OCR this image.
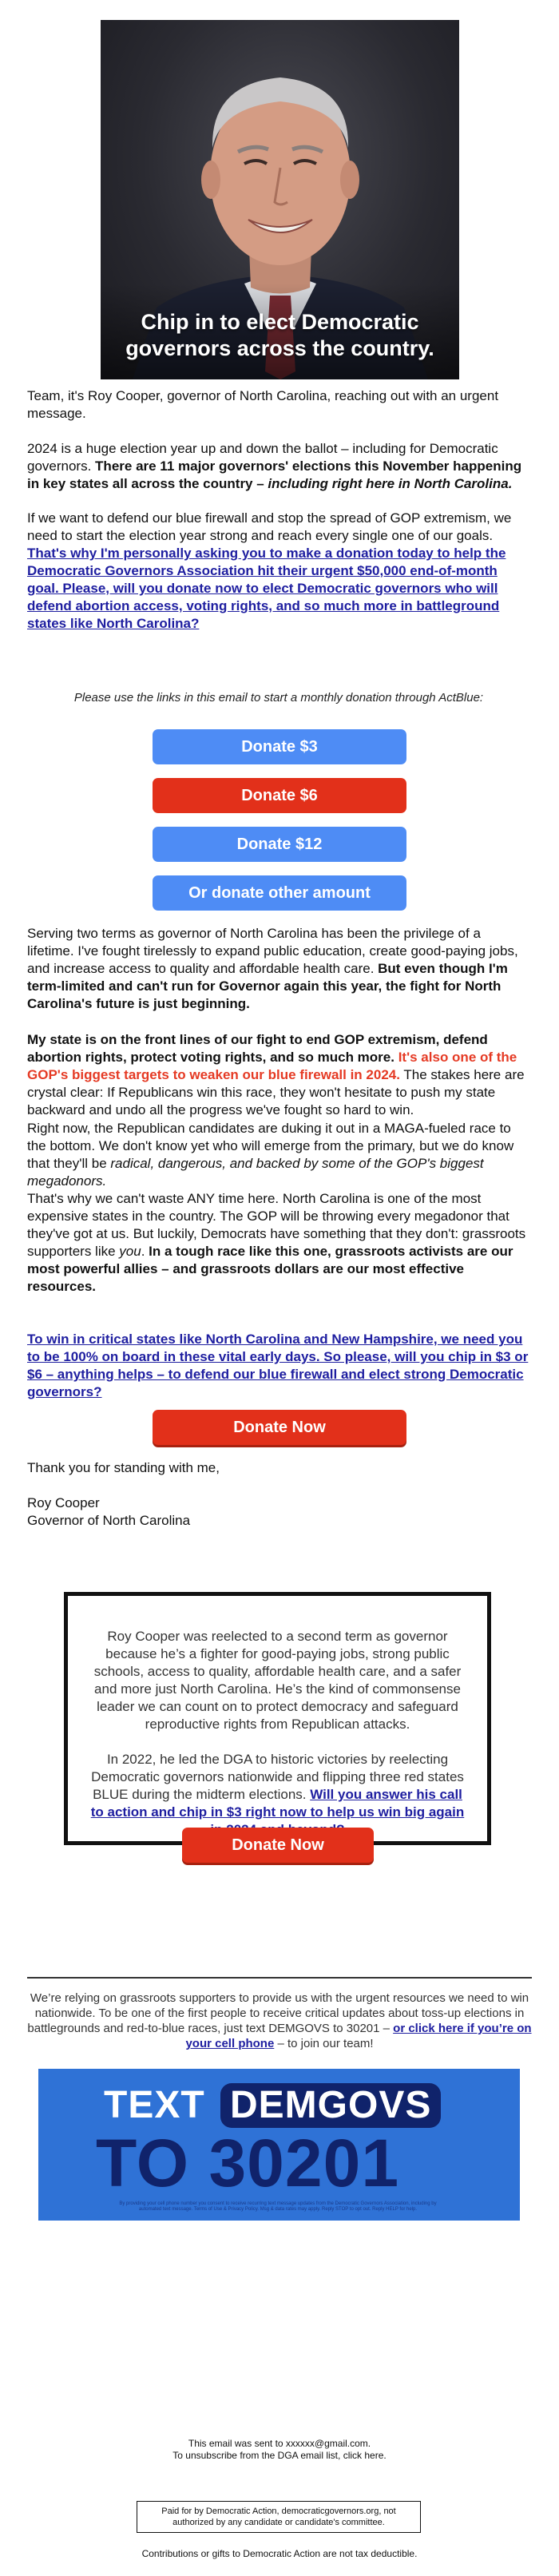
Chip in to elect Democratic
governors across the country.
Team, it's Roy Cooper, governor of North Carolina, reaching out with an urgent message.
2024 is a huge election year up and down the ballot – including for Democratic governors. There are 11 major governors' elections this November happening in key states all across the country – including right here in North Carolina.
If we want to defend our blue firewall and stop the spread of GOP extremism, we need to start the election year strong and reach every single one of our goals. That's why I'm personally asking you to make a donation today to help the Democratic Governors Association hit their urgent $50,000 end-of-month goal. Please, will you donate now to elect Democratic governors who will defend abortion access, voting rights, and so much more in battleground states like North Carolina?
Please use the links in this email to start a monthly donation through ActBlue:
Donate $3
Donate $6
Donate $12
Or donate other amount
Serving two terms as governor of North Carolina has been the privilege of a lifetime. I've fought tirelessly to expand public education, create good-paying jobs, and increase access to quality and affordable health care. But even though I'm term-limited and can't run for Governor again this year, the fight for North Carolina's future is just beginning.
My state is on the front lines of our fight to end GOP extremism, defend abortion rights, protect voting rights, and so much more. It's also one of the GOP's biggest targets to weaken our blue firewall in 2024. The stakes here are crystal clear: If Republicans win this race, they won't hesitate to push my state backward and undo all the progress we've fought so hard to win.
Right now, the Republican candidates are duking it out in a MAGA-fueled race to the bottom. We don't know yet who will emerge from the primary, but we do know that they'll be radical, dangerous, and backed by some of the GOP's biggest megadonors.
That's why we can't waste ANY time here. North Carolina is one of the most expensive states in the country. The GOP will be throwing every megadonor that they've got at us. But luckily, Democrats have something that they don't: grassroots supporters like you. In a tough race like this one, grassroots activists are our most powerful allies – and grassroots dollars are our most effective resources.
To win in critical states like North Carolina and New Hampshire, we need you to be 100% on board in these vital early days. So please, will you chip in $3 or $6 – anything helps – to defend our blue firewall and elect strong Democratic governors?
Donate Now
Thank you for standing with me,
Roy Cooper
Governor of North Carolina
Roy Cooper was reelected to a second term as governor because he’s a fighter for good-paying jobs, strong public schools, access to quality, affordable health care, and a safer and more just North Carolina. He’s the kind of commonsense leader we can count on to protect democracy and safeguard reproductive rights from Republican attacks.
In 2022, he led the DGA to historic victories by reelecting Democratic governors nationwide and flipping three red states BLUE during the midterm elections. Will you answer his call to action and chip in $3 right now to help us win big again
Donate Now
We’re relying on grassroots supporters to provide us with the urgent resources we need to win nationwide. To be one of the first people to receive critical updates about toss-up elections in battlegrounds and red-to-blue races, just text DEMGOVS to 30201 – or click here if you’re on your cell phone – to join our team!
TEXT DEMGOVS
TO 30201
By providing your cell phone number you consent to receive recurring text message updates from the Democratic Governors Association, including by automated text message. Terms of Use & Privacy Policy. Msg & data rates may apply. Reply STOP to opt out. Reply HELP for help.
This email was sent to xxxxxx@gmail.com.
To unsubscribe from the DGA email list, click here.
Paid for by Democratic Action, democraticgovernors.org, not authorized by any candidate or candidate's committee.
Contributions or gifts to Democratic Action are not tax deductible.
